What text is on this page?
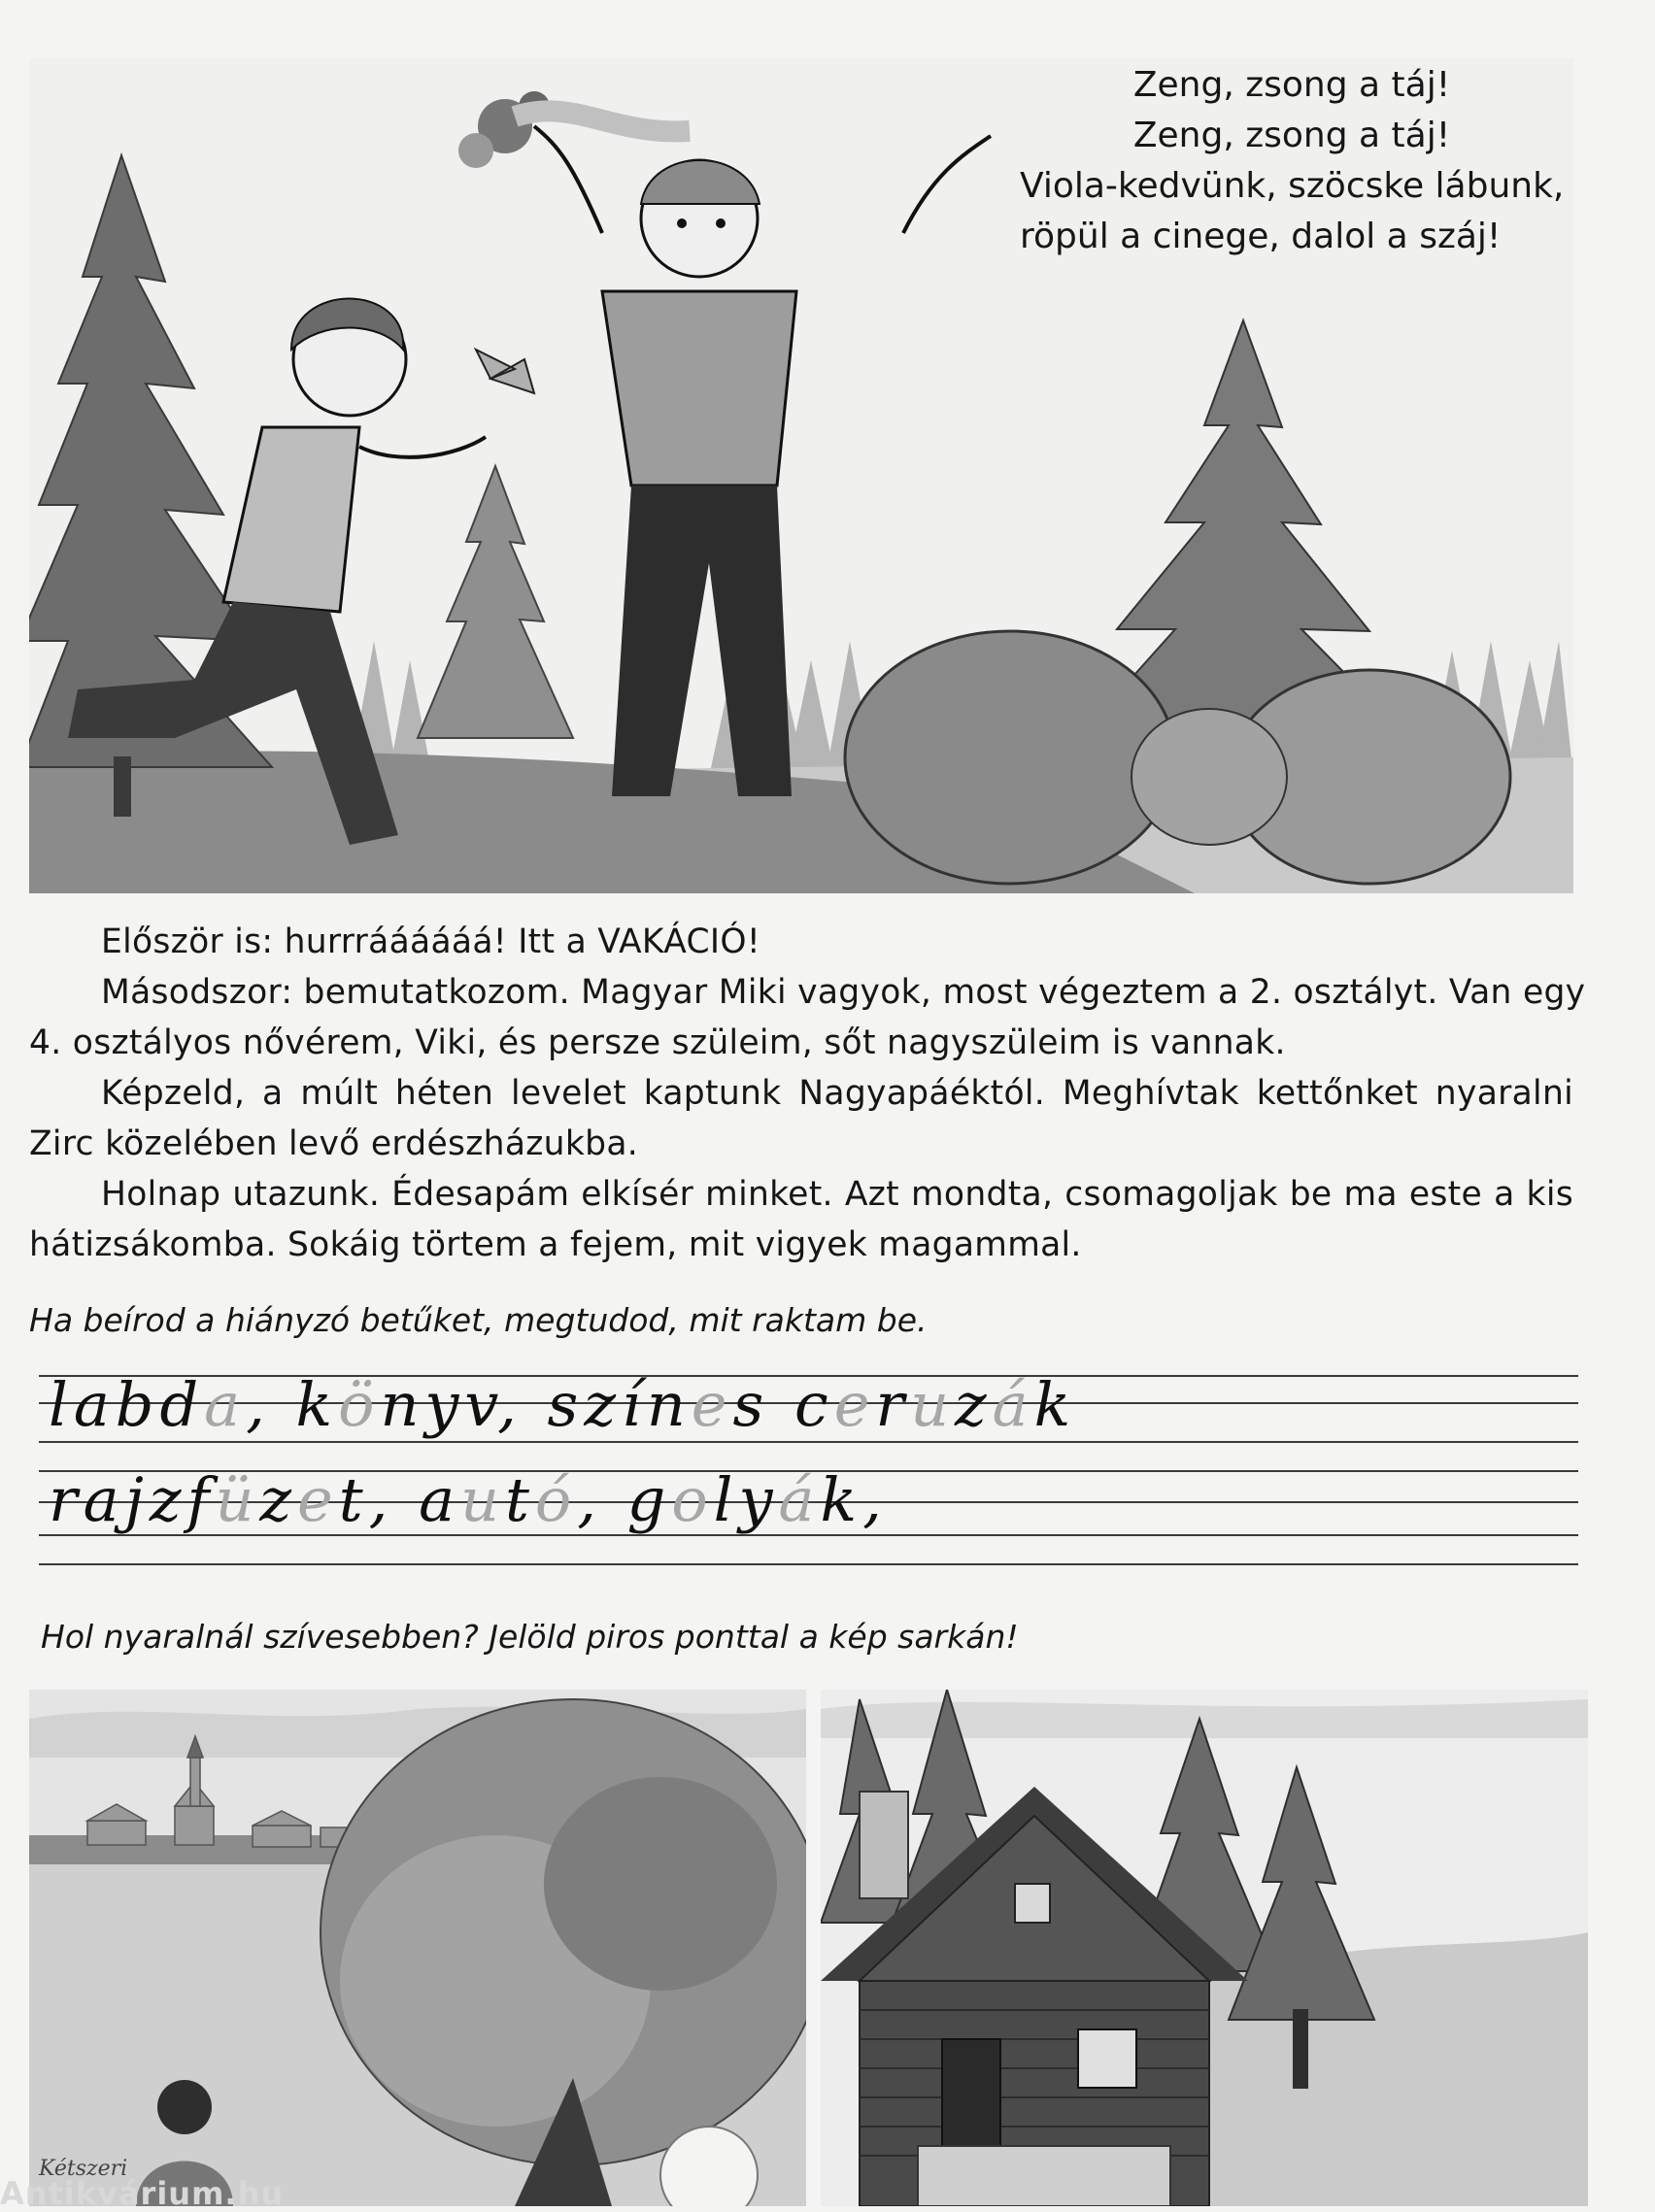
Zeng, zsong a táj!
Zeng, zsong a táj!
Viola-kedvünk, szöcske lábunk,
röpül a cinege, dalol a száj!
Először is: hurrráááááá! Itt a VAKÁCIÓ!
Másodszor: bemutatkozom. Magyar Miki vagyok, most végeztem a 2. osztályt. Van egy
4. osztályos nővérem, Viki, és persze szüleim, sőt nagyszüleim is vannak.
Képzeld, a múlt héten levelet kaptunk Nagyapáéktól. Meghívtak kettőnket nyaralni
Zirc közelében levő erdészházukba.
Holnap utazunk. Édesapám elkísér minket. Azt mondta, csomagoljak be ma este a kis
hátizsákomba. Sokáig törtem a fejem, mit vigyek magammal.
Ha beírod a hiányzó betűket, megtudod, mit raktam be.
labda, könyv, színes ceruzák
rajzfüzet, autó, golyák,
Hol nyaralnál szívesebben? Jelöld piros ponttal a kép sarkán!
Kétszeri
Antikvárium.hu
